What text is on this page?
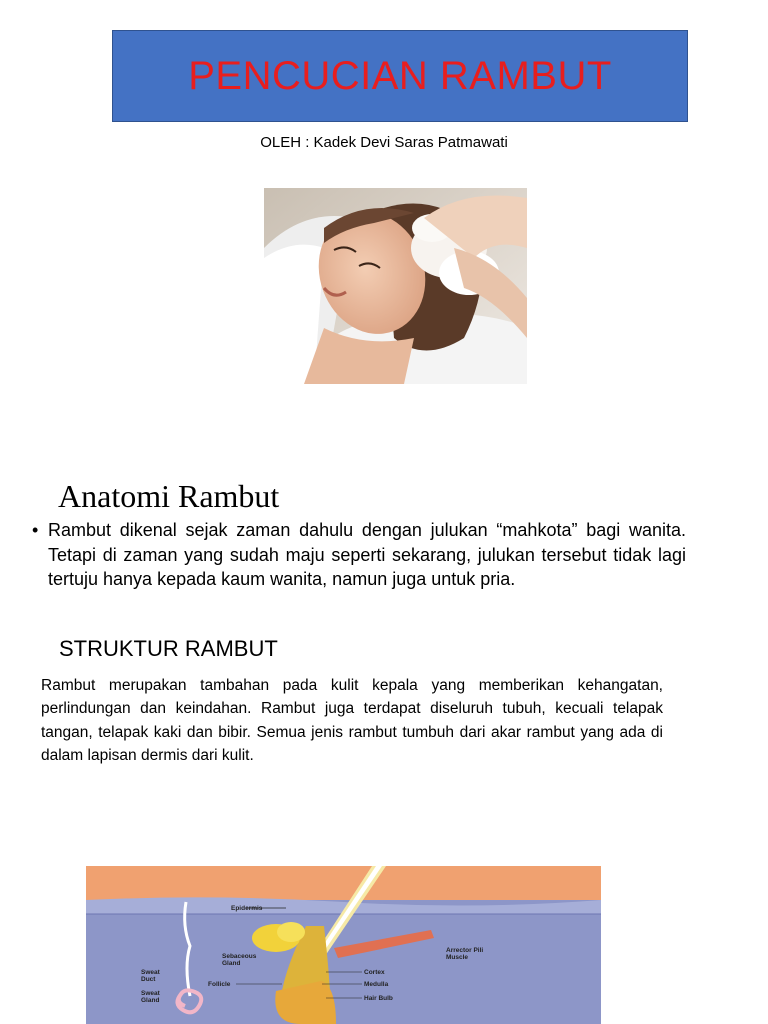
PENCUCIAN RAMBUT
OLEH : Kadek Devi Saras Patmawati
Anatomi Rambut
• Rambut dikenal sejak zaman dahulu dengan julukan “mahkota” bagi wanita. Tetapi di zaman yang sudah maju seperti sekarang, julukan tersebut tidak lagi tertuju hanya kepada kaum wanita, namun juga untuk pria.
STRUKTUR RAMBUT
Rambut merupakan tambahan pada kulit kepala yang memberikan kehangatan, perlindungan dan keindahan. Rambut juga terdapat diseluruh tubuh, kecuali telapak tangan, telapak kaki dan bibir. Semua jenis rambut tumbuh dari akar rambut yang ada di dalam lapisan dermis dari kulit.
Epidermis
Arrector Pili
Muscle
Sebaceous
Gland
Sweat
Duct
Sweat
Gland
Follicle
Cortex
Medulla
Hair Bulb
